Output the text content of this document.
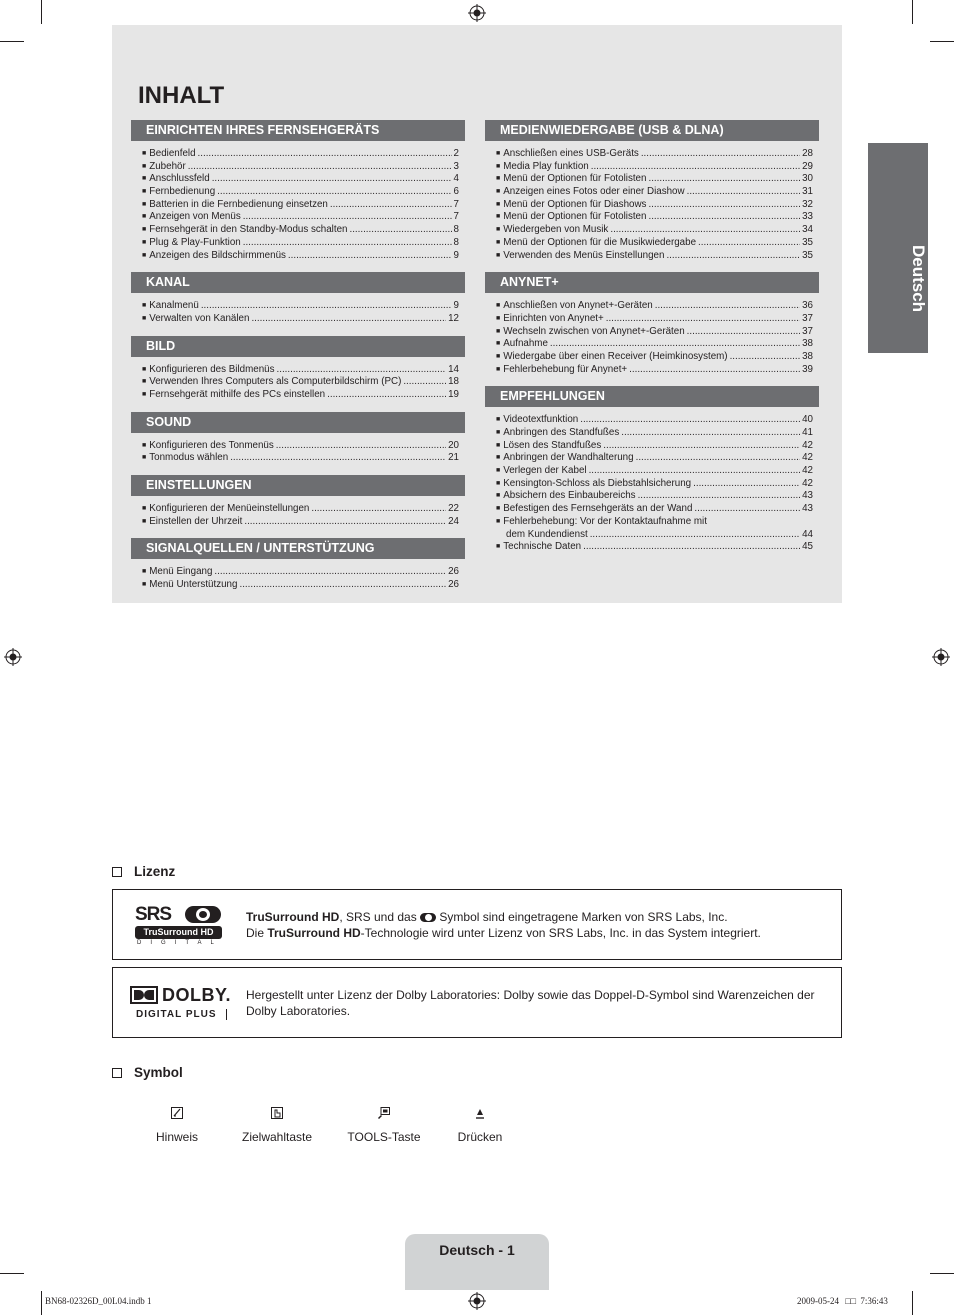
INHALT
EINRICHTEN IHRES FERNSEHGERÄTS
■ Bedienfeld .....	2
■ Zubehör .....	3
■ Anschlussfeld .....	4
■ Fernbedienung .....	6
■ Batterien in die Fernbedienung einsetzen .....	7
■ Anzeigen von Menüs .....	7
■ Fernsehgerät in den Standby-Modus schalten .....	8
■ Plug & Play-Funktion .....	8
■ Anzeigen des Bildschirmmenüs .....	9
KANAL
■ Kanalmenü .....	9
■ Verwalten von Kanälen .....	12
BILD
■ Konfigurieren des Bildmenüs .....	14
■ Verwenden Ihres Computers als Computerbildschirm (PC) .....	18
■ Fernsehgerät mithilfe des PCs einstellen .....	19
SOUND
■ Konfigurieren des Tonmenüs .....	20
■ Tonmodus wählen .....	21
EINSTELLUNGEN
■ Konfigurieren der Menüeinstellungen .....	22
■ Einstellen der Uhrzeit .....	24
SIGNALQUELLEN / UNTERSTÜTZUNG
■ Menü Eingang .....	26
■ Menü Unterstützung .....	26
MEDIENWIEDERGABE (USB & DLNA)
■ Anschließen eines USB-Geräts .....	28
■ Media Play funktion .....	29
■ Menü der Optionen für Fotolisten .....	30
■ Anzeigen eines Fotos oder einer Diashow .....	31
■ Menü der Optionen für Diashows .....	32
■ Menü der Optionen für Fotolisten .....	33
■ Wiedergeben von Musik .....	34
■ Menü der Optionen für die Musikwiedergabe .....	35
■ Verwenden des Menüs Einstellungen .....	35
ANYNET+
■ Anschließen von Anynet+-Geräten .....	36
■ Einrichten von Anynet+ .....	37
■ Wechseln zwischen von Anynet+-Geräten .....	37
■ Aufnahme .....	38
■ Wiedergabe über einen Receiver (Heimkinosystem) .....	38
■ Fehlerbehebung für Anynet+ .....	39
EMPFEHLUNGEN
■ Videotextfunktion .....	40
■ Anbringen des Standfußes .....	41
■ Lösen des Standfußes .....	42
■ Anbringen der Wandhalterung .....	42
■ Verlegen der Kabel .....	42
■ Kensington-Schloss als Diebstahlsicherung .....	42
■ Absichern des Einbaubereichs .....	43
■ Befestigen des Fernsehgeräts an der Wand .....	43
■ Fehlerbehebung: Vor der Kontaktaufnahme mit
dem Kundendienst .....	44
■ Technische Daten .....	45
Deutsch
Lizenz
SRS
TruSurround HD
DIGITAL
TruSurround HD, SRS und das Symbol sind eingetragene Marken von SRS Labs, Inc.
Die TruSurround HD-Technologie wird unter Lizenz von SRS Labs, Inc. in das System integriert.
DOLBY.
DIGITAL PLUS
Hergestellt unter Lizenz der Dolby Laboratories: Dolby sowie das Doppel-D-Symbol sind Warenzeichen der Dolby Laboratories.
Symbol
Hinweis	Zielwahltaste	TOOLS-Taste	Drücken
Deutsch - 1
BN68-02326D_00L04.indb 1	2009-05-24 □□ 7:36:43
